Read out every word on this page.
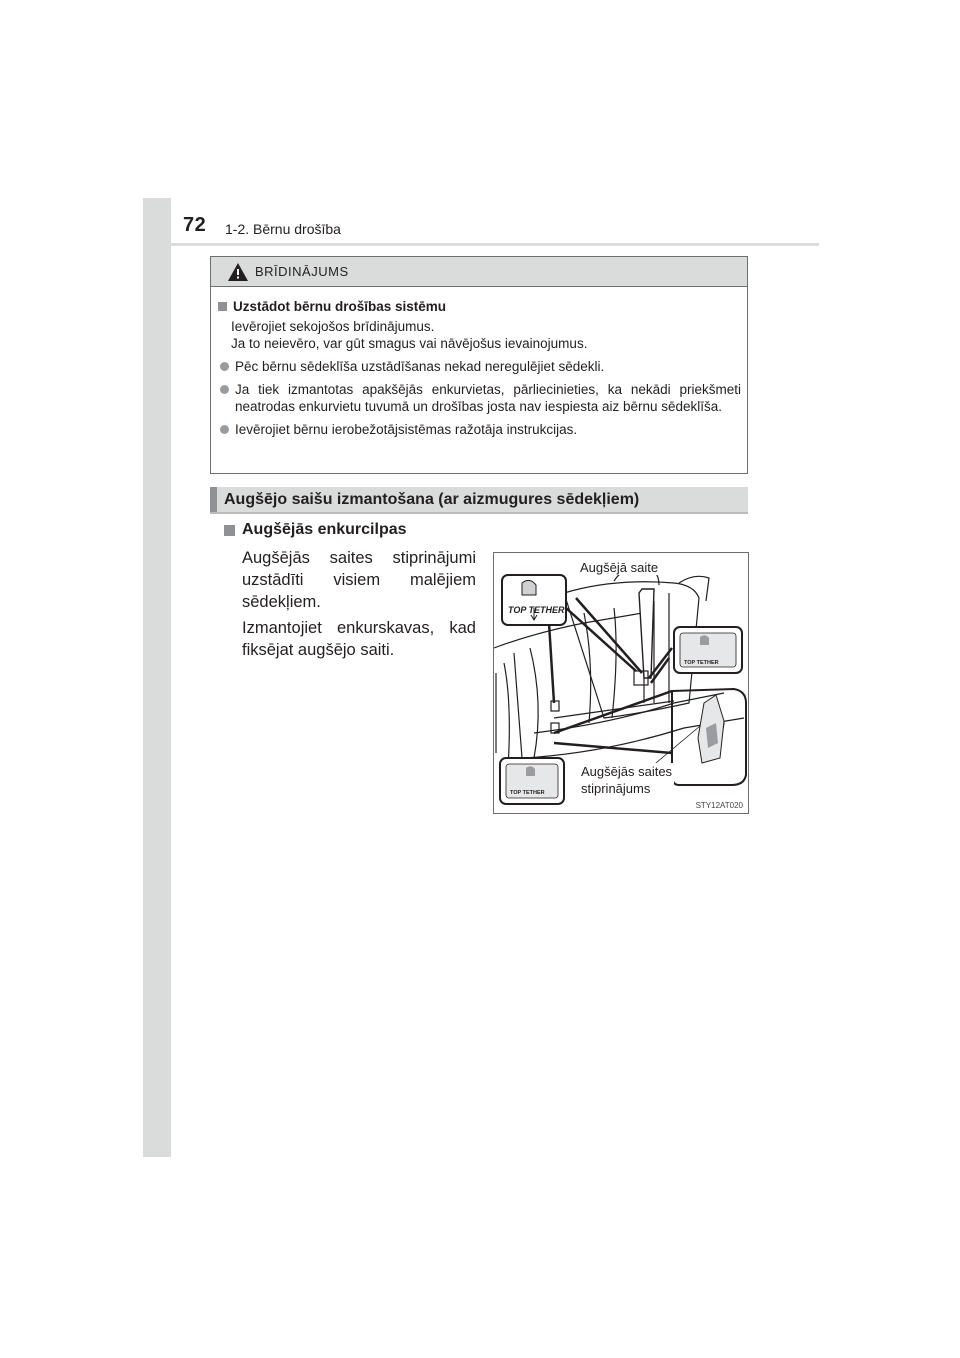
72 1-2. Bērnu drošība
BRĪDINĀJUMS
Uzstādot bērnu drošības sistēmu
Ievērojiet sekojošos brīdinājumus.
Ja to neievēro, var gūt smagus vai nāvējošus ievainojumus.
Pēc bērnu sēdeklīša uzstādīšanas nekad neregulējiet sēdekli.
Ja tiek izmantotas apakšējās enkurvietas, pārliecinieties, ka nekādi priekšmeti neatrodas enkurvietu tuvumā un drošības josta nav iespiesta aiz bērnu sēdeklīša.
Ievērojiet bērnu ierobežotājsistēmas ražotāja instrukcijas.
Augšējo saišu izmantošana (ar aizmugures sēdekļiem)
Augšējās enkurcilpas
Augšējās saites stiprinājumi uzstādīti visiem malējiem sēdekļiem.
Izmantojiet enkurskavas, kad fiksējat augšējo saiti.
TOP TETHER
TOP TETHER
TOP TETHER
Augšējā saite
Augšējās saites
stiprinājums
STY12AT020
